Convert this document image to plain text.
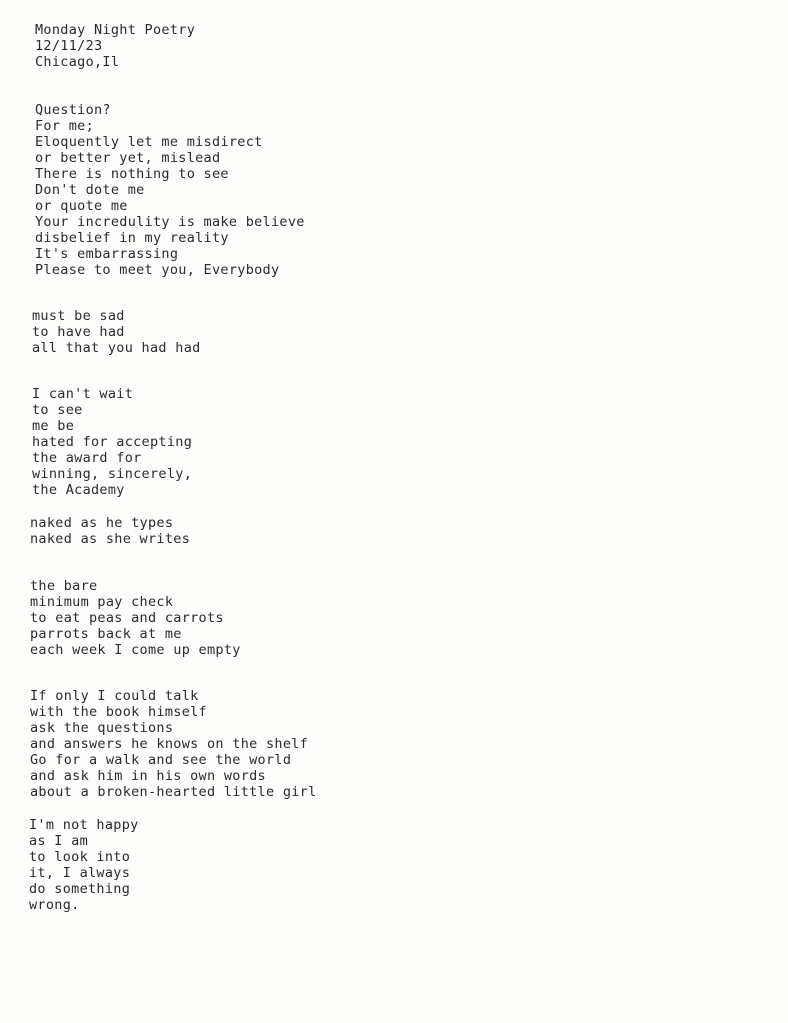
Monday Night Poetry
12/11/23
Chicago,Il
Question?
For me;
Eloquently let me misdirect
or better yet, mislead
There is nothing to see
Don't dote me
or quote me
Your incredulity is make believe
disbelief in my reality
It's embarrassing
Please to meet you, Everybody
must be sad
to have had
all that you had had
I can't wait
to see
me be
hated for accepting
the award for
winning, sincerely,
the Academy
naked as he types
naked as she writes
the bare
minimum pay check
to eat peas and carrots
parrots back at me
each week I come up empty
If only I could talk
with the book himself
ask the questions
and answers he knows on the shelf
Go for a walk and see the world
and ask him in his own words
about a broken-hearted little girl
I'm not happy
as I am
to look into
it, I always
do something
wrong.
